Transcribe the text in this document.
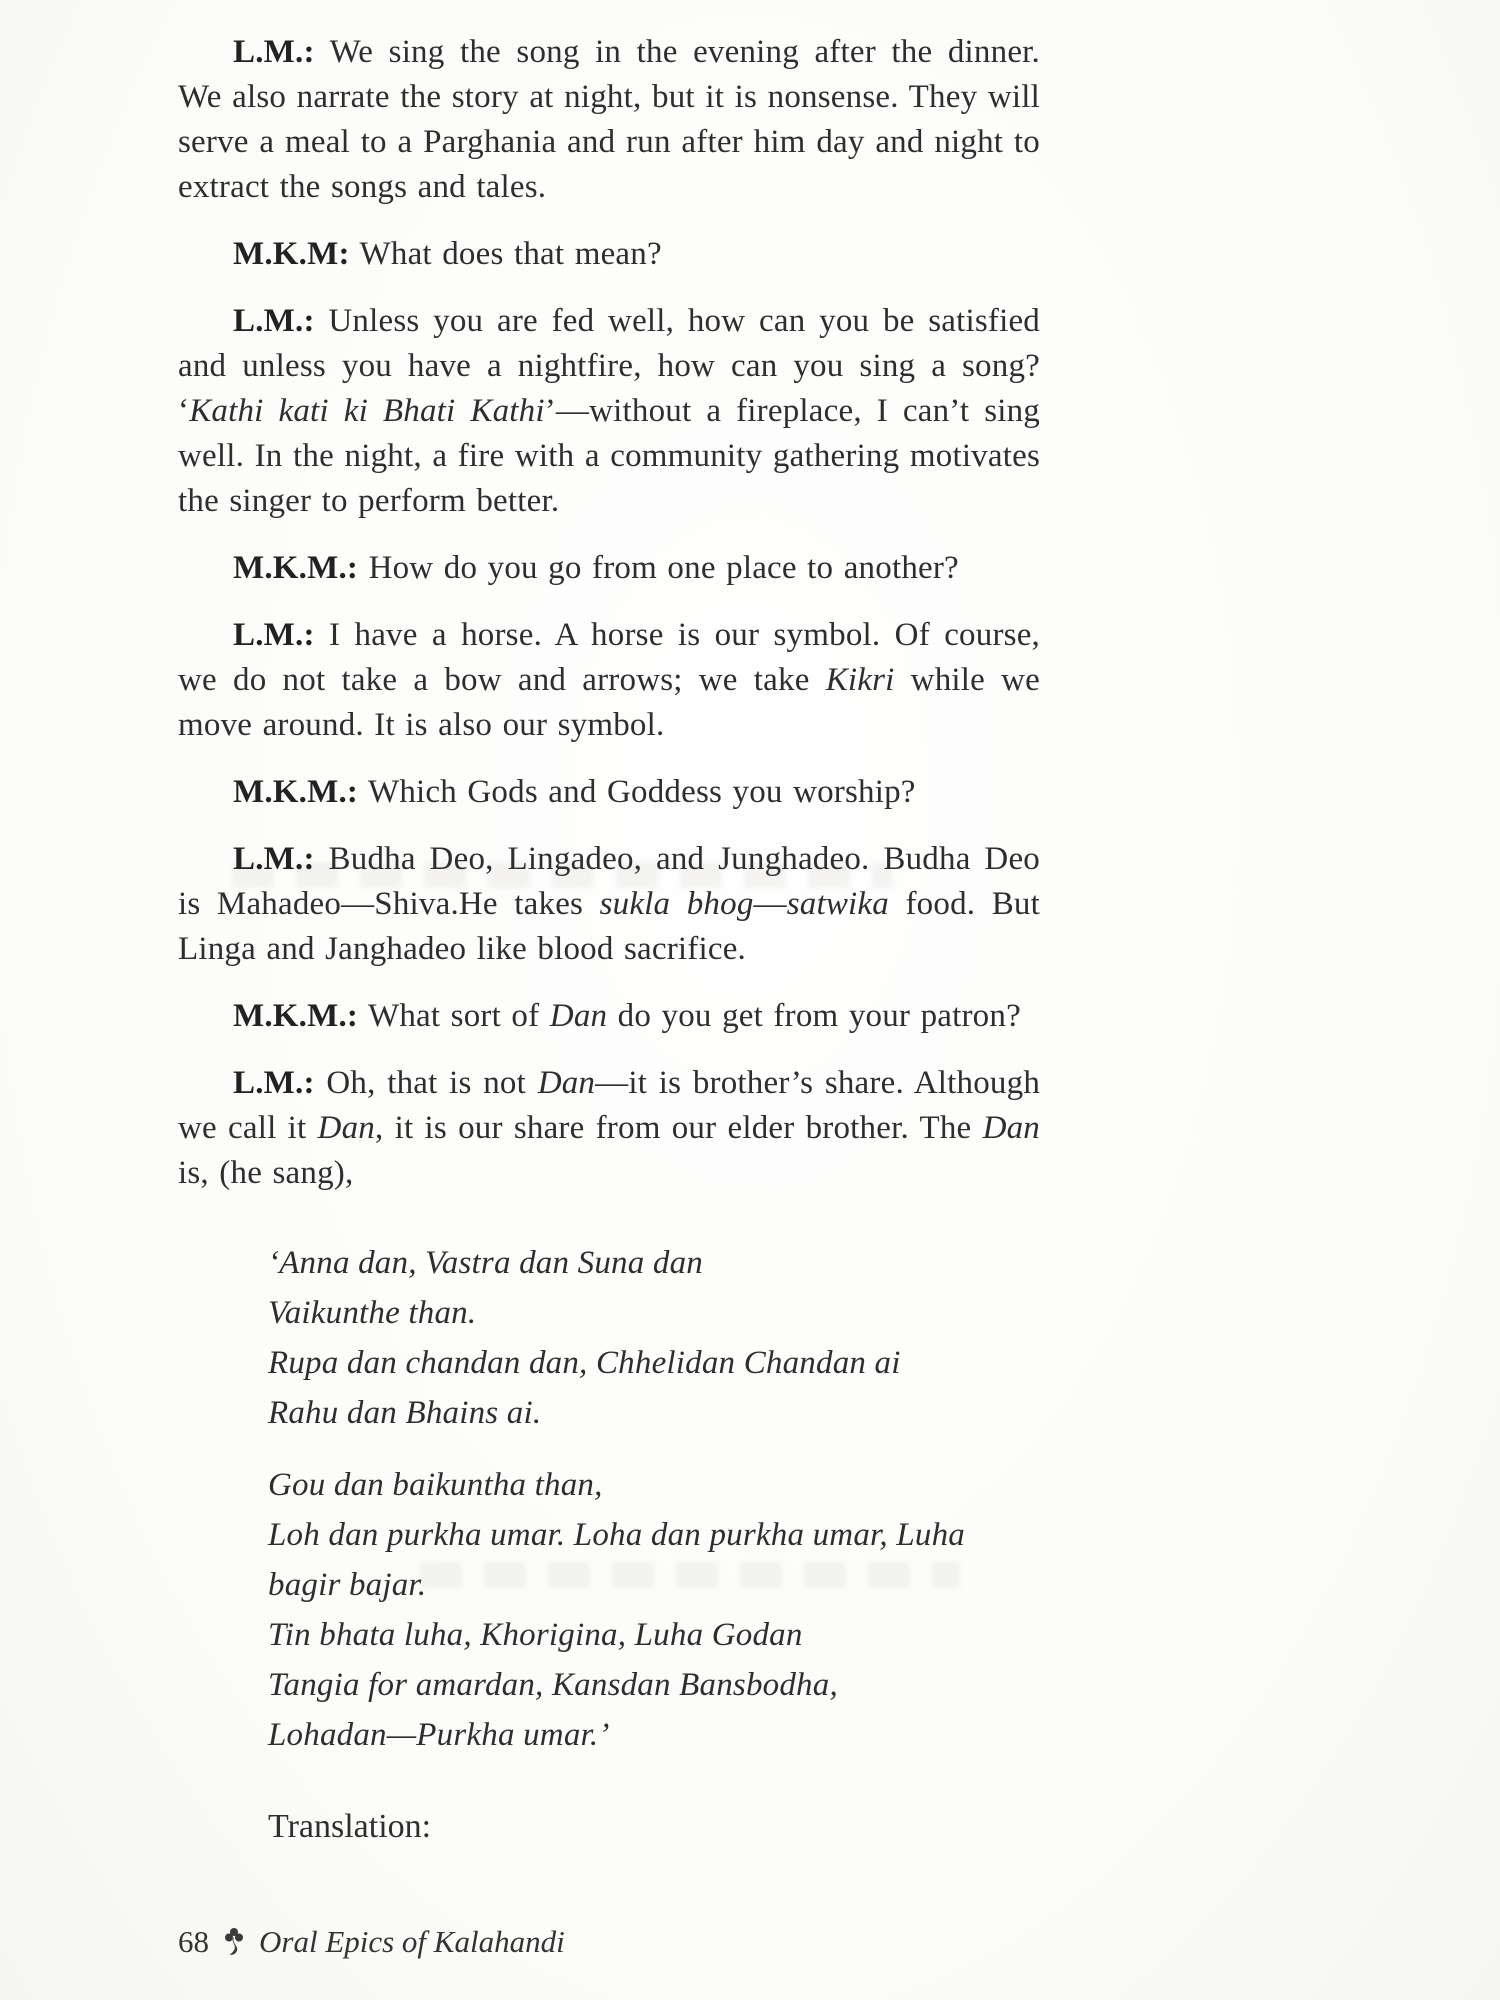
L.M.: We sing the song in the evening after the dinner. We also narrate the story at night, but it is nonsense. They will serve a meal to a Parghania and run after him day and night to extract the songs and tales.

M.K.M: What does that mean?

L.M.: Unless you are fed well, how can you be satisfied and unless you have a nightfire, how can you sing a song? ‘Kathi kati ki Bhati Kathi’—without a fireplace, I can’t sing well. In the night, a fire with a community gathering motivates the singer to perform better.

M.K.M.: How do you go from one place to another?

L.M.: I have a horse. A horse is our symbol. Of course, we do not take a bow and arrows; we take Kikri while we move around. It is also our symbol.

M.K.M.: Which Gods and Goddess you worship?

L.M.: Budha Deo, Lingadeo, and Junghadeo. Budha Deo is Mahadeo—Shiva.He takes sukla bhog—satwika food. But Linga and Janghadeo like blood sacrifice.

M.K.M.: What sort of Dan do you get from your patron?

L.M.: Oh, that is not Dan—it is brother’s share. Although we call it Dan, it is our share from our elder brother. The Dan is, (he sang),

‘Anna dan, Vastra dan Suna dan
Vaikunthe than.
Rupa dan chandan dan, Chhelidan Chandan ai
Rahu dan Bhains ai.
Gou dan baikuntha than,
Loh dan purkha umar. Loha dan purkha umar, Luha bagir bajar.
Tin bhata luha, Khorigina, Luha Godan
Tangia for amardan, Kansdan Bansbodha,
Lohadan—Purkha umar.’
Translation:
68 Oral Epics of Kalahandi
